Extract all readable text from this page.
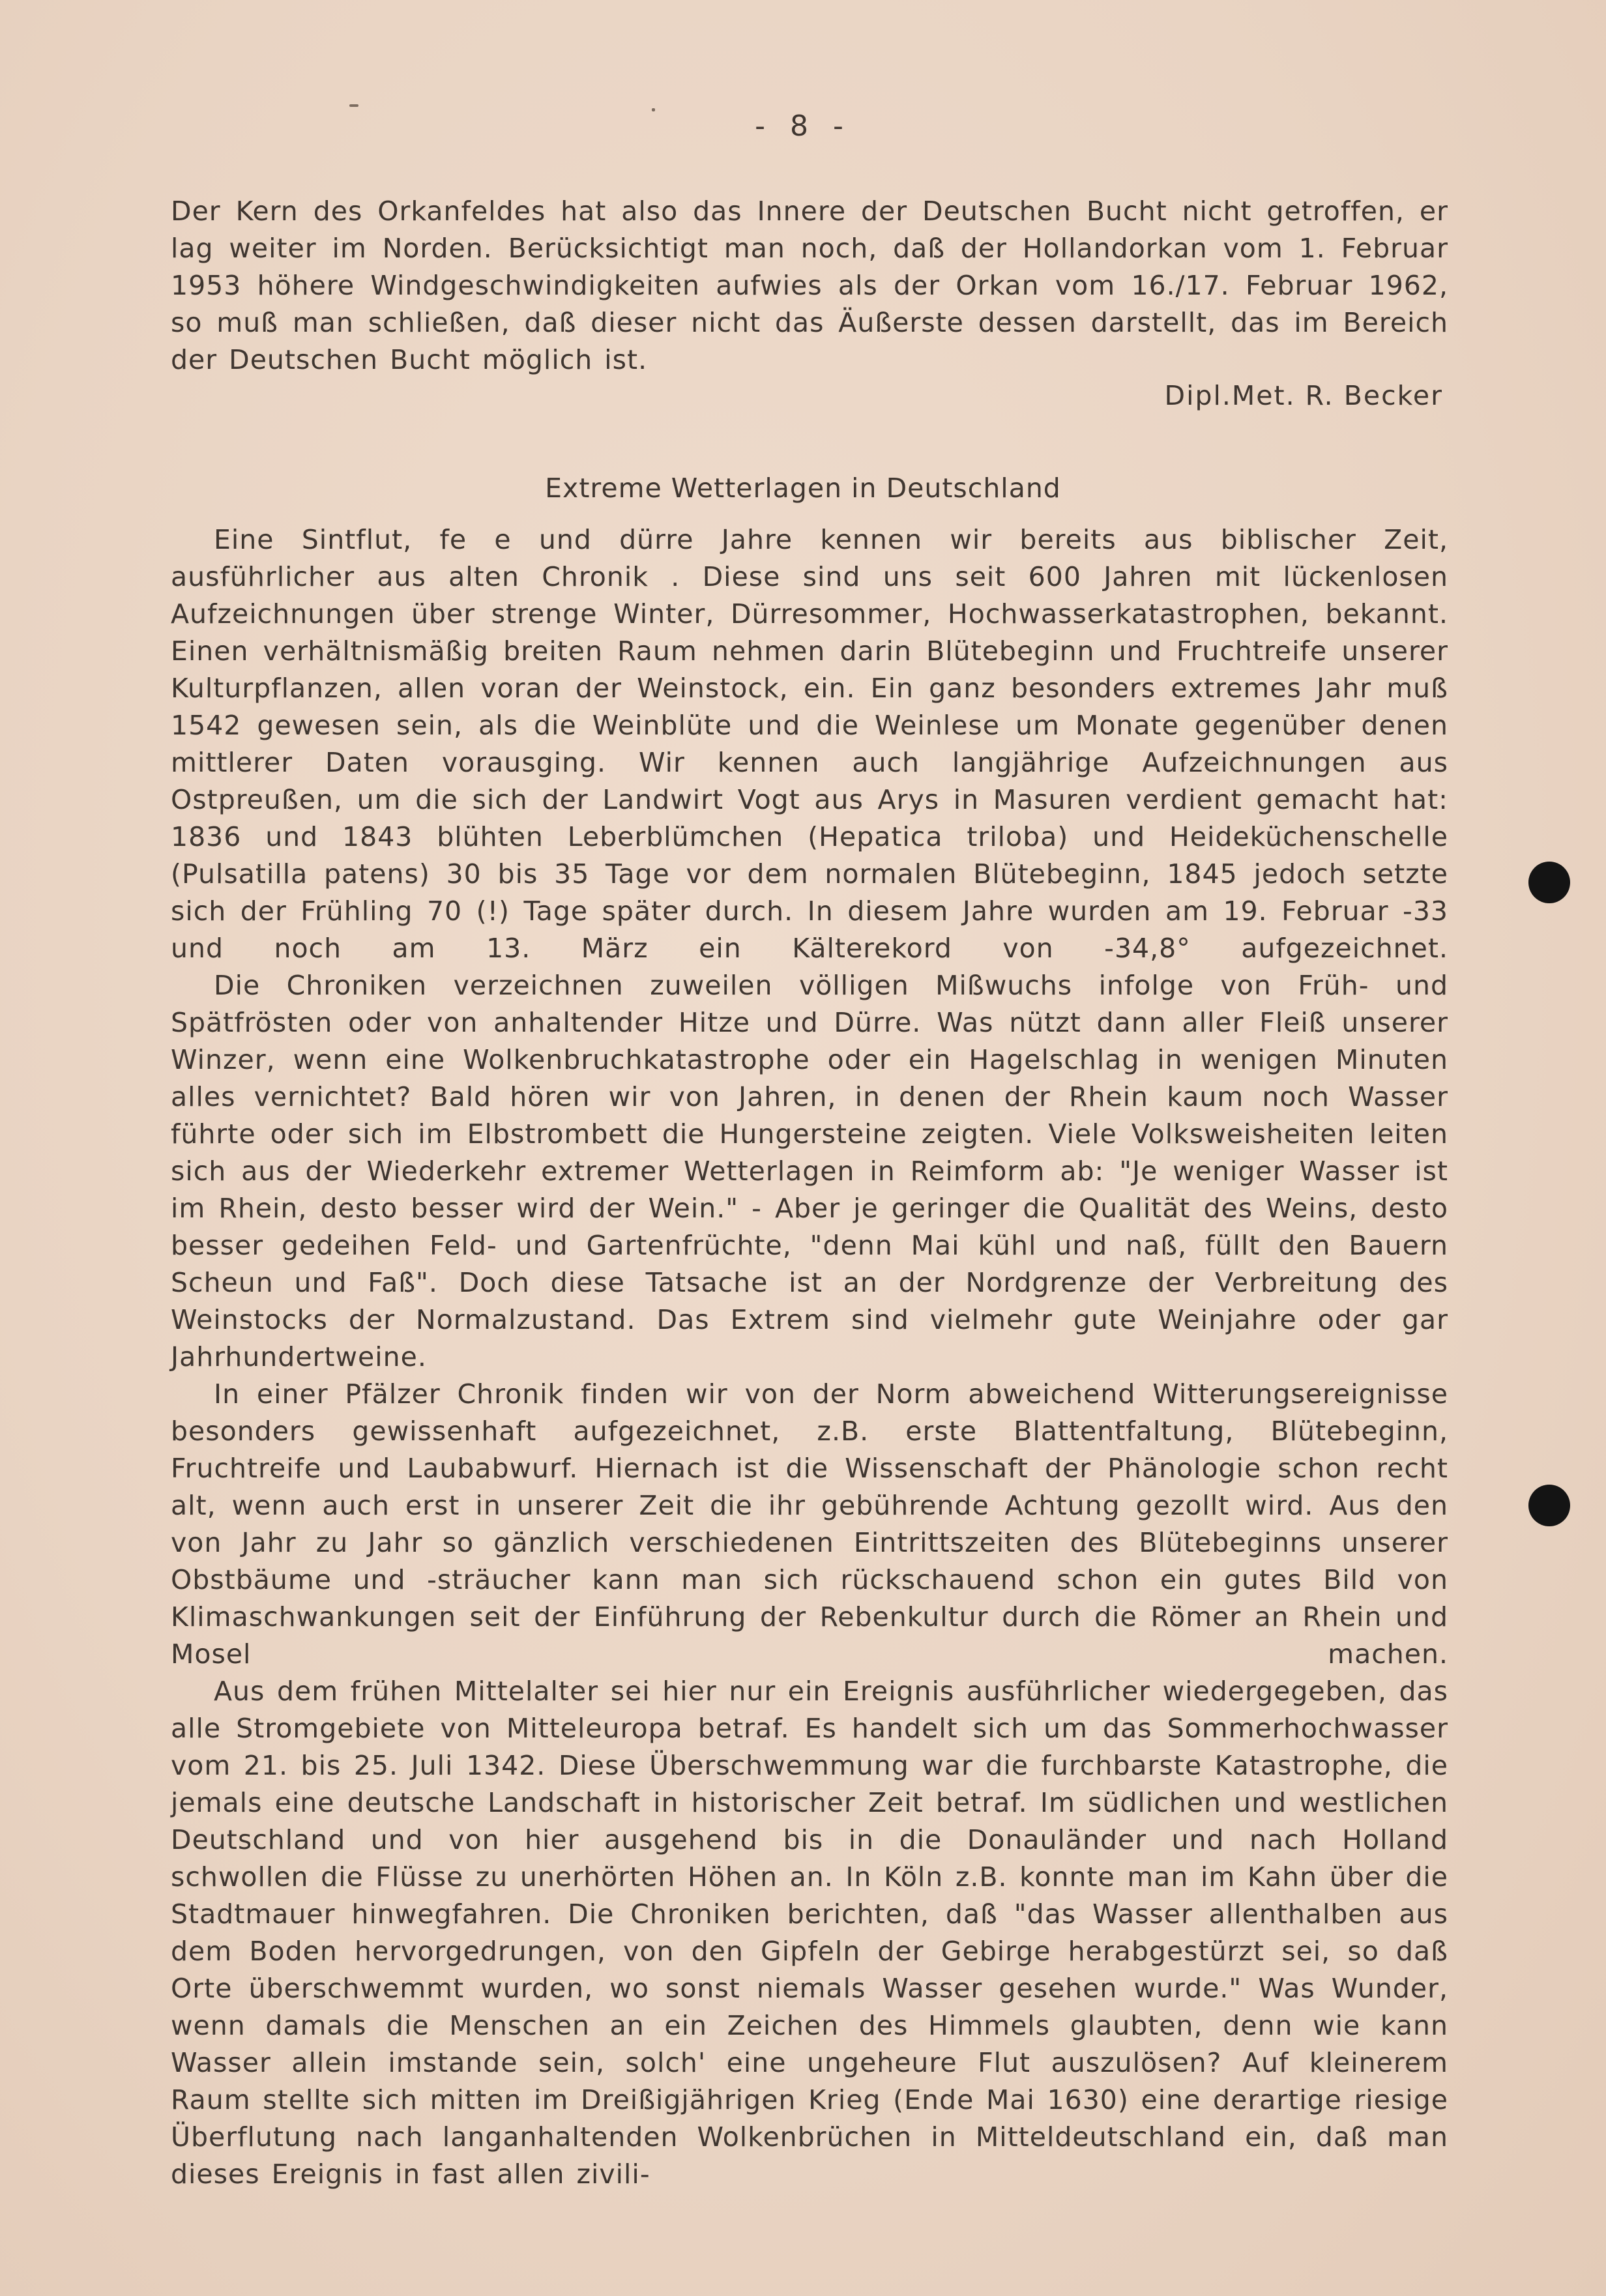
- 8 -

Der Kern des Orkanfeldes hat also das Innere der Deutschen Bucht nicht getroffen, er lag weiter im Norden. Berücksichtigt man noch, daß der Hollandorkan vom 1. Februar 1953 höhere Windgeschwindigkeiten aufwies als der Orkan vom 16./17. Februar 1962, so muß man schließen, daß dieser nicht das Äußerste dessen darstellt, das im Bereich der Deutschen Bucht möglich ist.

Dipl.Met. R. Becker
Extreme Wetterlagen in Deutschland

Eine Sintflut, fe e und dürre Jahre kennen wir bereits aus biblischer Zeit, ausführlicher aus alten Chronik . Diese sind uns seit 600 Jahren mit lückenlosen Aufzeichnungen über strenge Winter, Dürresommer, Hochwasserkatastrophen, bekannt. Einen verhältnismäßig breiten Raum nehmen darin Blütebeginn und Fruchtreife unserer Kulturpflanzen, allen voran der Weinstock, ein. Ein ganz besonders extremes Jahr muß 1542 gewesen sein, als die Weinblüte und die Weinlese um Monate gegenüber denen mittlerer Daten vorausging. Wir kennen auch langjährige Aufzeichnungen aus Ostpreußen, um die sich der Landwirt Vogt aus Arys in Masuren verdient gemacht hat: 1836 und 1843 blühten Leberblümchen (Hepatica triloba) und Heideküchenschelle (Pulsatilla patens) 30 bis 35 Tage vor dem normalen Blütebeginn, 1845 jedoch setzte sich der Frühling 70 (!) Tage später durch. In diesem Jahre wurden am 19. Februar -33 und noch am 13. März ein Kälterekord von -34,8° aufgezeichnet.

Die Chroniken verzeichnen zuweilen völligen Mißwuchs infolge von Früh- und Spätfrösten oder von anhaltender Hitze und Dürre. Was nützt dann aller Fleiß unserer Winzer, wenn eine Wolkenbruchkatastrophe oder ein Hagelschlag in wenigen Minuten alles vernichtet? Bald hören wir von Jahren, in denen der Rhein kaum noch Wasser führte oder sich im Elbstrombett die Hungersteine zeigten. Viele Volksweisheiten leiten sich aus der Wiederkehr extremer Wetterlagen in Reimform ab: "Je weniger Wasser ist im Rhein, desto besser wird der Wein." - Aber je geringer die Qualität des Weins, desto besser gedeihen Feld- und Gartenfrüchte, "denn Mai kühl und naß, füllt den Bauern Scheun und Faß". Doch diese Tatsache ist an der Nordgrenze der Verbreitung des Weinstocks der Normalzustand. Das Extrem sind vielmehr gute Weinjahre oder gar Jahrhundertweine.

In einer Pfälzer Chronik finden wir von der Norm abweichend Witterungsereignisse besonders gewissenhaft aufgezeichnet, z.B. erste Blattentfaltung, Blütebeginn, Fruchtreife und Laubabwurf. Hiernach ist die Wissenschaft der Phänologie schon recht alt, wenn auch erst in unserer Zeit die ihr gebührende Achtung gezollt wird. Aus den von Jahr zu Jahr so gänzlich verschiedenen Eintrittszeiten des Blütebeginns unserer Obstbäume und -sträucher kann man sich rückschauend schon ein gutes Bild von Klimaschwankungen seit der Einführung der Rebenkultur durch die Römer an Rhein und Mosel machen.

Aus dem frühen Mittelalter sei hier nur ein Ereignis ausführlicher wiedergegeben, das alle Stromgebiete von Mitteleuropa betraf. Es handelt sich um das Sommerhochwasser vom 21. bis 25. Juli 1342. Diese Überschwemmung war die furchbarste Katastrophe, die jemals eine deutsche Landschaft in historischer Zeit betraf. Im südlichen und westlichen Deutschland und von hier ausgehend bis in die Donauländer und nach Holland schwollen die Flüsse zu unerhörten Höhen an. In Köln z.B. konnte man im Kahn über die Stadtmauer hinwegfahren. Die Chroniken berichten, daß "das Wasser allenthalben aus dem Boden hervorgedrungen, von den Gipfeln der Gebirge herabgestürzt sei, so daß Orte überschwemmt wurden, wo sonst niemals Wasser gesehen wurde." Was Wunder, wenn damals die Menschen an ein Zeichen des Himmels glaubten, denn wie kann Wasser allein imstande sein, solch' eine ungeheure Flut auszulösen? Auf kleinerem Raum stellte sich mitten im Dreißigjährigen Krieg (Ende Mai 1630) eine derartige riesige Überflutung nach langanhaltenden Wolkenbrüchen in Mitteldeutschland ein, daß man dieses Ereignis in fast allen zivili-
